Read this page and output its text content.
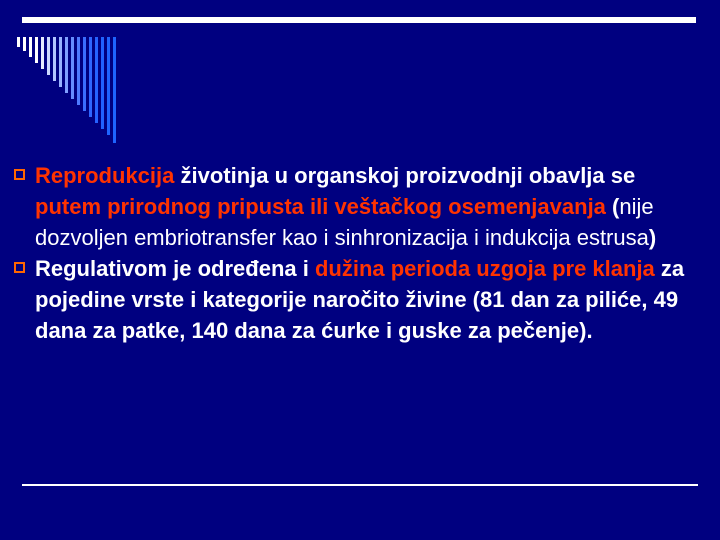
Reprodukcija životinja u organskoj proizvodnji obavlja se putem prirodnog pripusta ili veštačkog osemenjavanja (nije dozvoljen embriotransfer kao i sinhronizacija i indukcija estrusa)

Regulativom je određena i dužina perioda uzgoja pre klanja za pojedine vrste i kategorije naročito živine (81 dan za piliće, 49 dana za patke, 140 dana za ćurke i guske za pečenje).
